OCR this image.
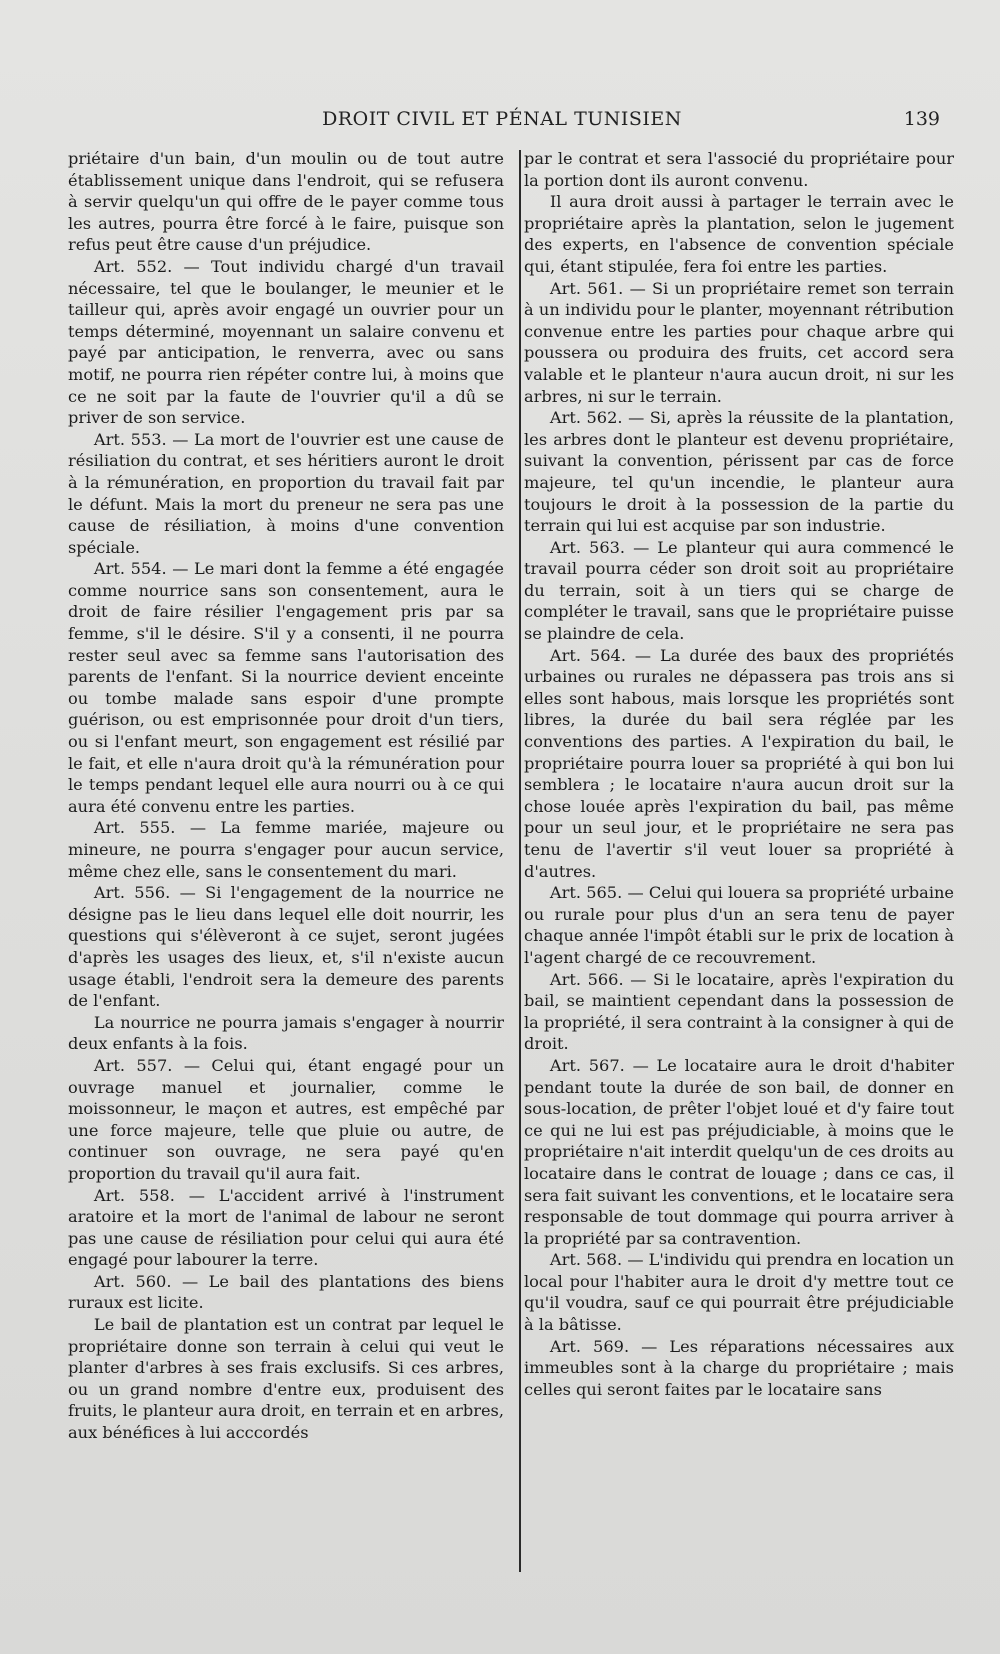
DROIT CIVIL ET PÉNAL TUNISIEN	139

priétaire d'un bain, d'un moulin ou de tout autre établissement unique dans l'endroit, qui se refusera à servir quelqu'un qui offre de le payer comme tous les autres, pourra être forcé à le faire, puisque son refus peut être cause d'un préjudice.

Art. 552. — Tout individu chargé d'un travail nécessaire, tel que le boulanger, le meunier et le tailleur qui, après avoir engagé un ouvrier pour un temps déterminé, moyennant un salaire convenu et payé par anticipation, le renverra, avec ou sans motif, ne pourra rien répéter contre lui, à moins que ce ne soit par la faute de l'ouvrier qu'il a dû se priver de son service.

Art. 553. — La mort de l'ouvrier est une cause de résiliation du contrat, et ses héritiers auront le droit à la rémunération, en proportion du travail fait par le défunt. Mais la mort du preneur ne sera pas une cause de résiliation, à moins d'une convention spéciale.

Art. 554. — Le mari dont la femme a été engagée comme nourrice sans son consentement, aura le droit de faire résilier l'engagement pris par sa femme, s'il le désire. S'il y a consenti, il ne pourra rester seul avec sa femme sans l'autorisation des parents de l'enfant. Si la nourrice devient enceinte ou tombe malade sans espoir d'une prompte guérison, ou est emprisonnée pour droit d'un tiers, ou si l'enfant meurt, son engagement est résilié par le fait, et elle n'aura droit qu'à la rémunération pour le temps pendant lequel elle aura nourri ou à ce qui aura été convenu entre les parties.

Art. 555. — La femme mariée, majeure ou mineure, ne pourra s'engager pour aucun service, même chez elle, sans le consentement du mari.

Art. 556. — Si l'engagement de la nourrice ne désigne pas le lieu dans lequel elle doit nourrir, les questions qui s'élèveront à ce sujet, seront jugées d'après les usages des lieux, et, s'il n'existe aucun usage établi, l'endroit sera la demeure des parents de l'enfant.

La nourrice ne pourra jamais s'engager à nourrir deux enfants à la fois.

Art. 557. — Celui qui, étant engagé pour un ouvrage manuel et journalier, comme le moissonneur, le maçon et autres, est empêché par une force majeure, telle que pluie ou autre, de continuer son ouvrage, ne sera payé qu'en proportion du travail qu'il aura fait.

Art. 558. — L'accident arrivé à l'instrument aratoire et la mort de l'animal de labour ne seront pas une cause de résiliation pour celui qui aura été engagé pour labourer la terre.

Art. 560. — Le bail des plantations des biens ruraux est licite.

Le bail de plantation est un contrat par lequel le propriétaire donne son terrain à celui qui veut le planter d'arbres à ses frais exclusifs. Si ces arbres, ou un grand nombre d'entre eux, produisent des fruits, le planteur aura droit, en terrain et en arbres, aux bénéfices à lui acccordés

par le contrat et sera l'associé du propriétaire pour la portion dont ils auront convenu.

Il aura droit aussi à partager le terrain avec le propriétaire après la plantation, selon le jugement des experts, en l'absence de convention spéciale qui, étant stipulée, fera foi entre les parties.

Art. 561. — Si un propriétaire remet son terrain à un individu pour le planter, moyennant rétribution convenue entre les parties pour chaque arbre qui poussera ou produira des fruits, cet accord sera valable et le planteur n'aura aucun droit, ni sur les arbres, ni sur le terrain.

Art. 562. — Si, après la réussite de la plantation, les arbres dont le planteur est devenu propriétaire, suivant la convention, périssent par cas de force majeure, tel qu'un incendie, le planteur aura toujours le droit à la possession de la partie du terrain qui lui est acquise par son industrie.

Art. 563. — Le planteur qui aura commencé le travail pourra céder son droit soit au propriétaire du terrain, soit à un tiers qui se charge de compléter le travail, sans que le propriétaire puisse se plaindre de cela.

Art. 564. — La durée des baux des propriétés urbaines ou rurales ne dépassera pas trois ans si elles sont habous, mais lorsque les propriétés sont libres, la durée du bail sera réglée par les conventions des parties. A l'expiration du bail, le propriétaire pourra louer sa propriété à qui bon lui semblera ; le locataire n'aura aucun droit sur la chose louée après l'expiration du bail, pas même pour un seul jour, et le propriétaire ne sera pas tenu de l'avertir s'il veut louer sa propriété à d'autres.

Art. 565. — Celui qui louera sa propriété urbaine ou rurale pour plus d'un an sera tenu de payer chaque année l'impôt établi sur le prix de location à l'agent chargé de ce recouvrement.

Art. 566. — Si le locataire, après l'expiration du bail, se maintient cependant dans la possession de la propriété, il sera contraint à la consigner à qui de droit.

Art. 567. — Le locataire aura le droit d'habiter pendant toute la durée de son bail, de donner en sous-location, de prêter l'objet loué et d'y faire tout ce qui ne lui est pas préjudiciable, à moins que le propriétaire n'ait interdit quelqu'un de ces droits au locataire dans le contrat de louage ; dans ce cas, il sera fait suivant les conventions, et le locataire sera responsable de tout dommage qui pourra arriver à la propriété par sa contravention.

Art. 568. — L'individu qui prendra en location un local pour l'habiter aura le droit d'y mettre tout ce qu'il voudra, sauf ce qui pourrait être préjudiciable à la bâtisse.

Art. 569. — Les réparations nécessaires aux immeubles sont à la charge du propriétaire ; mais celles qui seront faites par le locataire sans
